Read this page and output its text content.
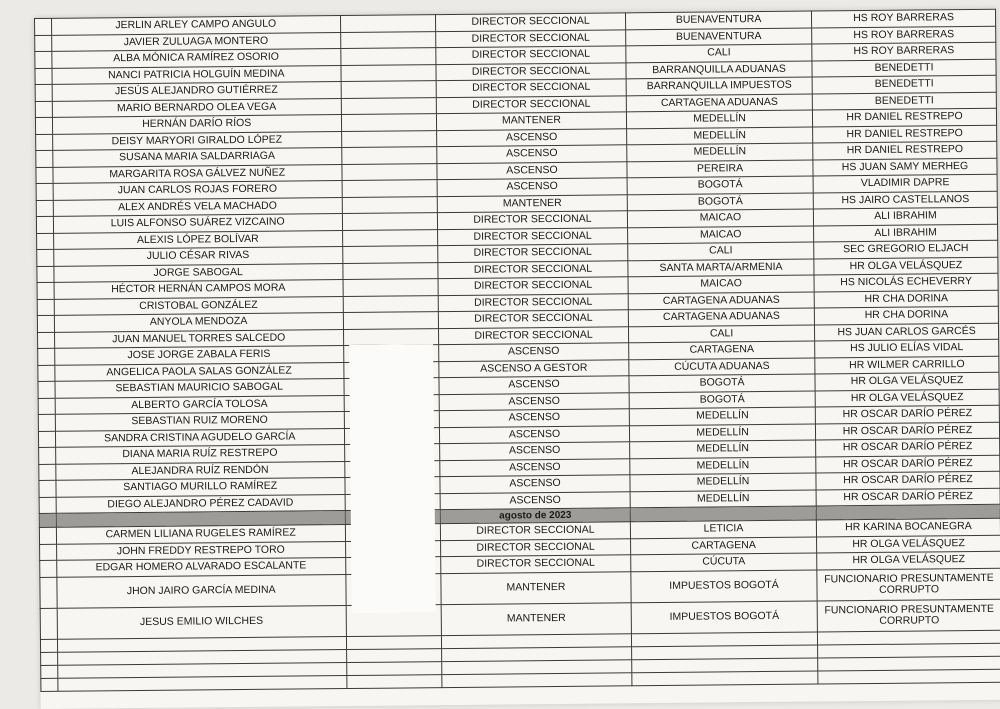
	JERLIN ARLEY CAMPO ANGULO		DIRECTOR SECCIONAL	BUENAVENTURA	HS ROY BARRERAS
	JAVIER ZULUAGA MONTERO		DIRECTOR SECCIONAL	BUENAVENTURA	HS ROY BARRERAS
	ALBA MÓNICA RAMÍREZ OSORIO		DIRECTOR SECCIONAL	CALI	HS ROY BARRERAS
	NANCI PATRICIA HOLGUÍN MEDINA		DIRECTOR SECCIONAL	BARRANQUILLA ADUANAS	BENEDETTI
	JESÚS ALEJANDRO GUTIÉRREZ		DIRECTOR SECCIONAL	BARRANQUILLA IMPUESTOS	BENEDETTI
	MARIO BERNARDO OLEA VEGA		DIRECTOR SECCIONAL	CARTAGENA ADUANAS	BENEDETTI
	HERNÁN DARÍO RÍOS		MANTENER	MEDELLÍN	HR DANIEL RESTREPO
	DEISY MARYORI GIRALDO LÓPEZ		ASCENSO	MEDELLÍN	HR DANIEL RESTREPO
	SUSANA MARIA SALDARRIAGA		ASCENSO	MEDELLÍN	HR DANIEL RESTREPO
	MARGARITA ROSA GÁLVEZ NUÑEZ		ASCENSO	PEREIRA	HS JUAN SAMY MERHEG
	JUAN CARLOS ROJAS FORERO		ASCENSO	BOGOTÁ	VLADIMIR DAPRE
	ALEX ANDRÉS VELA MACHADO		MANTENER	BOGOTÁ	HS JAIRO CASTELLANOS
	LUIS ALFONSO SUÁREZ VIZCAINO		DIRECTOR SECCIONAL	MAICAO	ALI IBRAHIM
	ALEXIS LÓPEZ BOLÍVAR		DIRECTOR SECCIONAL	MAICAO	ALI IBRAHIM
	JULIO CÉSAR RIVAS		DIRECTOR SECCIONAL	CALI	SEC GREGORIO ELJACH
	JORGE SABOGAL		DIRECTOR SECCIONAL	SANTA MARTA/ARMENIA	HR OLGA VELÁSQUEZ
	HÉCTOR HERNÁN CAMPOS MORA		DIRECTOR SECCIONAL	MAICAO	HS NICOLÁS ECHEVERRY
	CRISTOBAL GONZÁLEZ		DIRECTOR SECCIONAL	CARTAGENA ADUANAS	HR CHA DORINA
	ANYOLA MENDOZA		DIRECTOR SECCIONAL	CARTAGENA ADUANAS	HR CHA DORINA
	JUAN MANUEL TORRES SALCEDO		DIRECTOR SECCIONAL	CALI	HS JUAN CARLOS GARCÉS
	JOSE JORGE ZABALA FERIS		ASCENSO	CARTAGENA	HS JULIO ELÍAS VIDAL
	ANGELICA PAOLA SALAS GONZÁLEZ		ASCENSO A GESTOR	CÚCUTA ADUANAS	HR WILMER CARRILLO
	SEBASTIAN MAURICIO SABOGAL		ASCENSO	BOGOTÁ	HR OLGA VELÁSQUEZ
	ALBERTO GARCÍA TOLOSA		ASCENSO	BOGOTÁ	HR OLGA VELÁSQUEZ
	SEBASTIAN RUIZ MORENO		ASCENSO	MEDELLÍN	HR OSCAR DARÍO PÉREZ
	SANDRA CRISTINA AGUDELO GARCÍA		ASCENSO	MEDELLÍN	HR OSCAR DARÍO PÉREZ
	DIANA MARIA RUÍZ RESTREPO		ASCENSO	MEDELLÍN	HR OSCAR DARÍO PÉREZ
	ALEJANDRA RUÍZ RENDÓN		ASCENSO	MEDELLÍN	HR OSCAR DARÍO PÉREZ
	SANTIAGO MURILLO RAMÍREZ		ASCENSO	MEDELLÍN	HR OSCAR DARÍO PÉREZ
	DIEGO ALEJANDRO PÉREZ CADAVID		ASCENSO	MEDELLÍN	HR OSCAR DARÍO PÉREZ
			agosto de 2023		
	CARMEN LILIANA RUGELES RAMÍREZ		DIRECTOR SECCIONAL	LETICIA	HR KARINA BOCANEGRA
	JOHN FREDDY RESTREPO TORO		DIRECTOR SECCIONAL	CARTAGENA	HR OLGA VELÁSQUEZ
	EDGAR HOMERO ALVARADO ESCALANTE		DIRECTOR SECCIONAL	CÚCUTA	HR OLGA VELÁSQUEZ
	JHON JAIRO GARCÍA MEDINA		MANTENER	IMPUESTOS BOGOTÁ	FUNCIONARIO PRESUNTAMENTE CORRUPTO
	JESUS EMILIO WILCHES		MANTENER	IMPUESTOS BOGOTÁ	FUNCIONARIO PRESUNTAMENTE CORRUPTO
